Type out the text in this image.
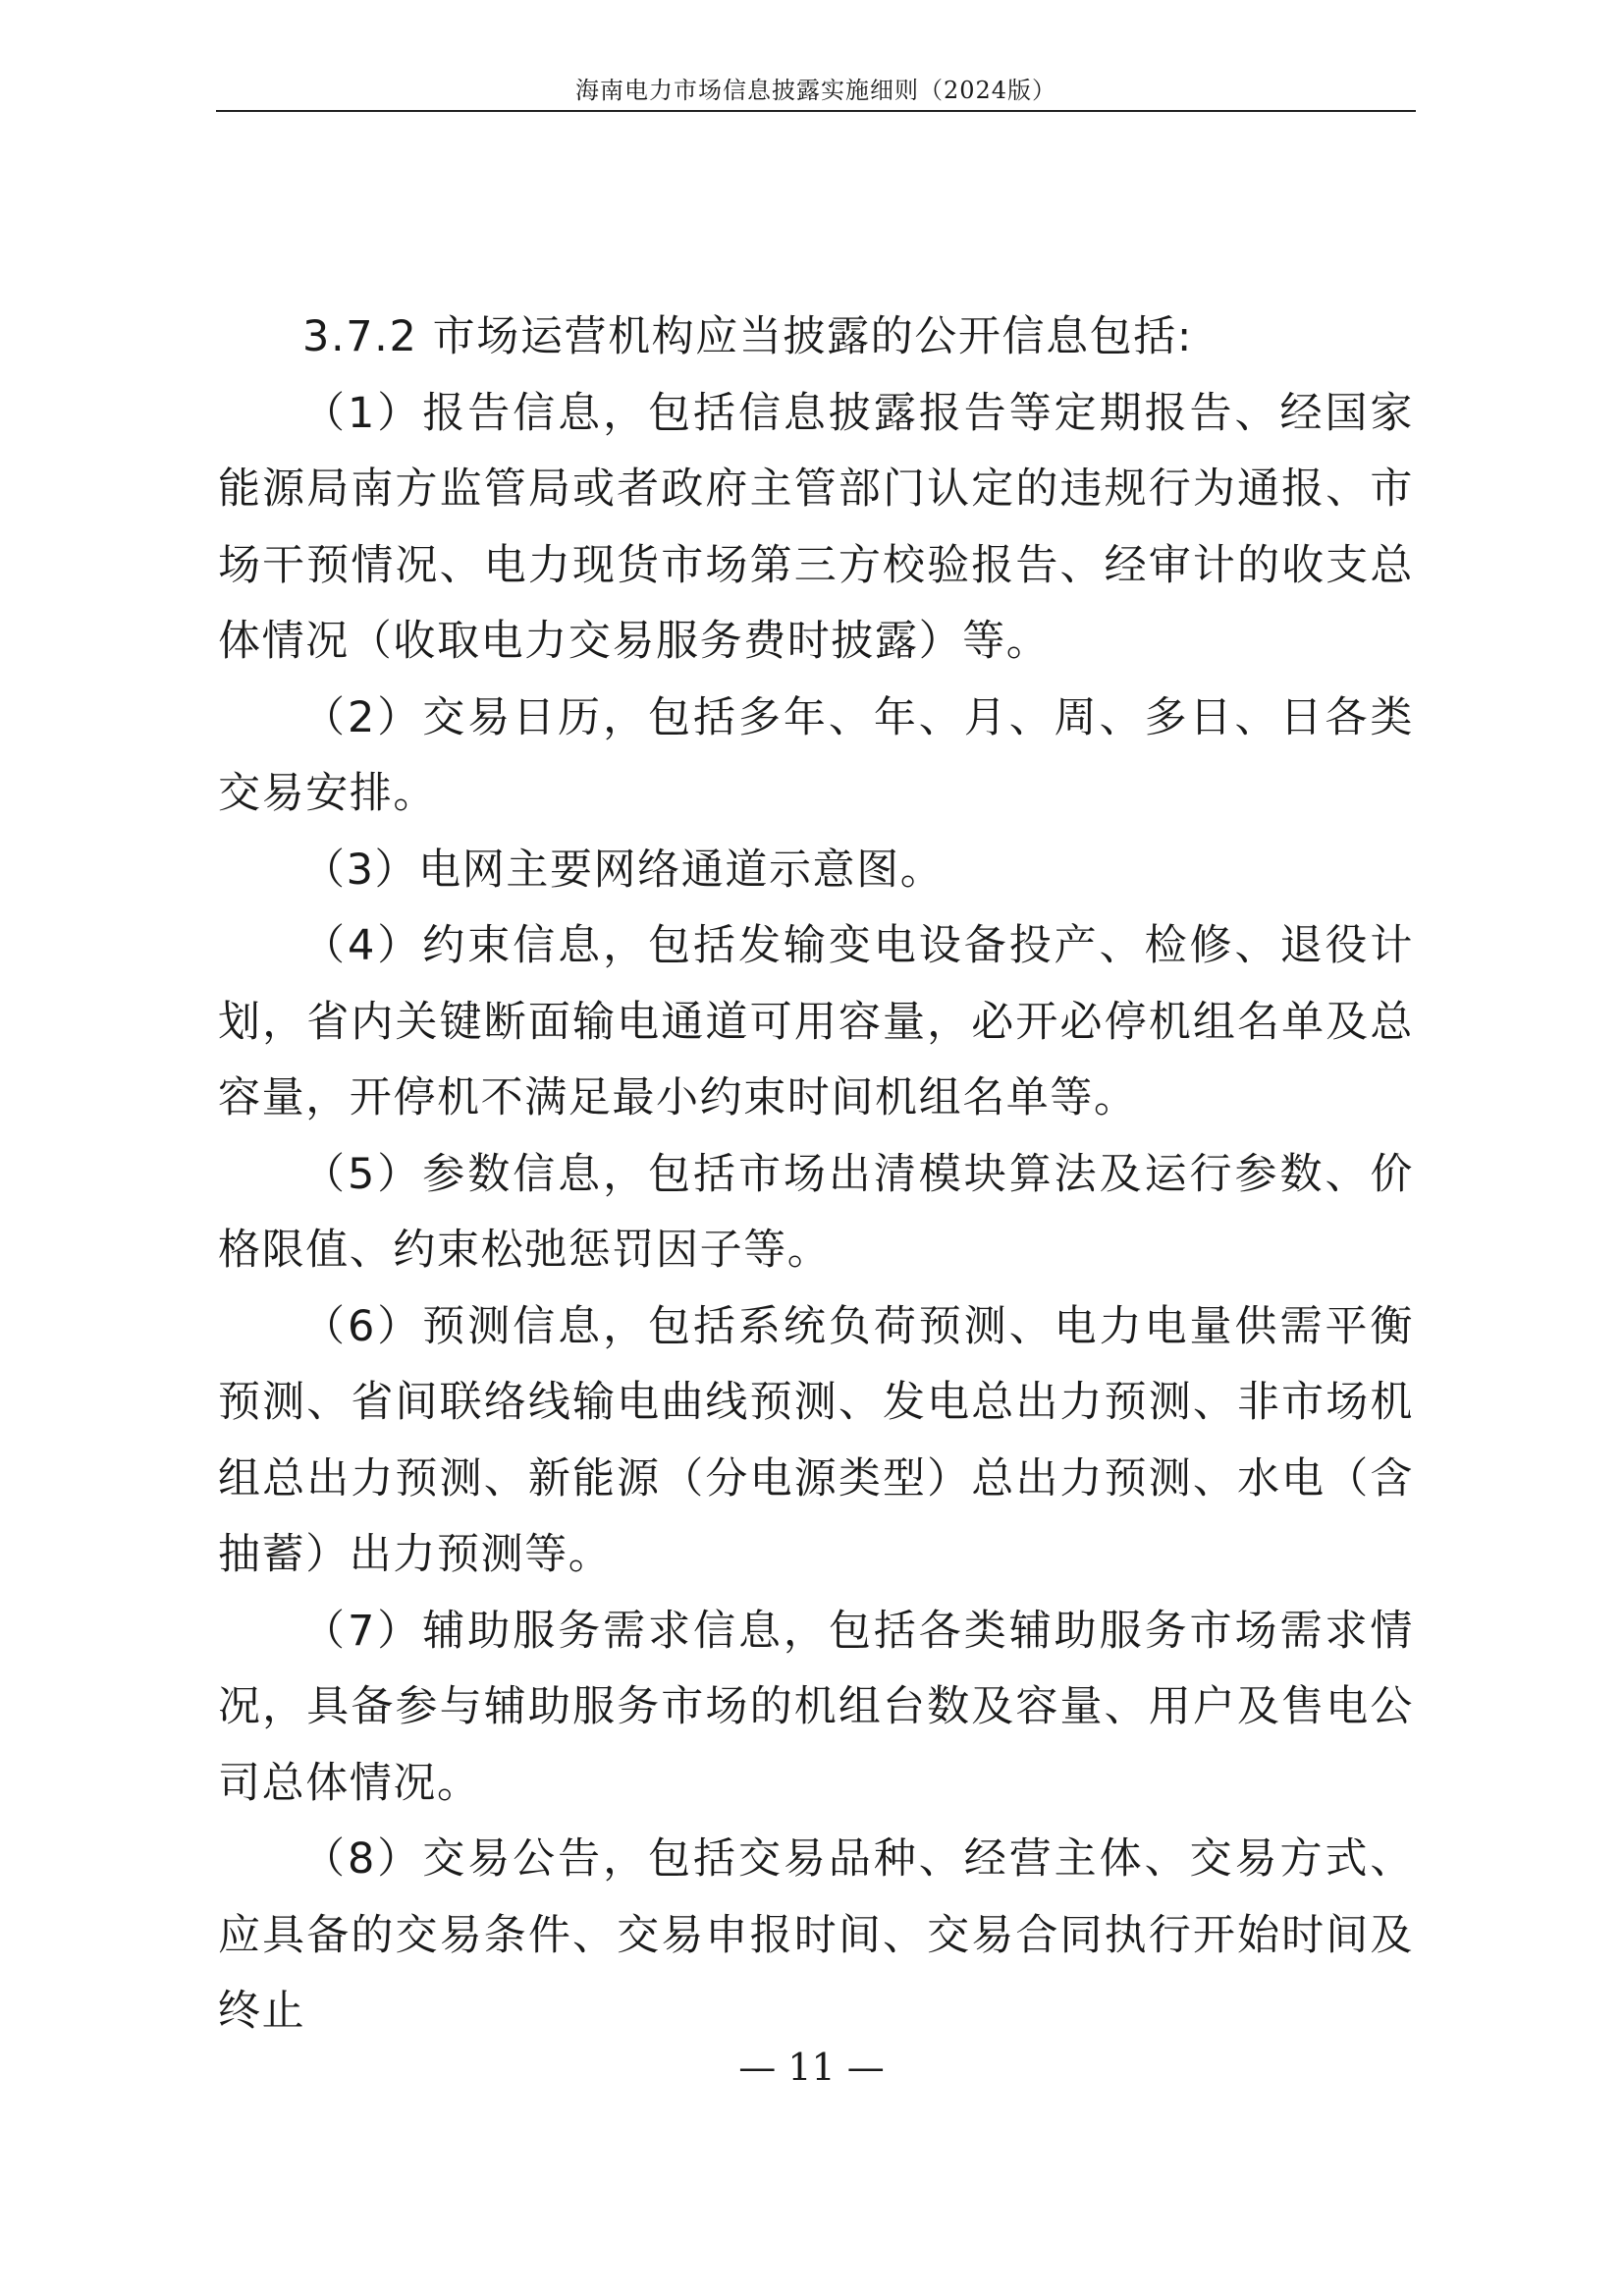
海南电力市场信息披露实施细则（2024版）

3.7.2 市场运营机构应当披露的公开信息包括:

（1）报告信息，包括信息披露报告等定期报告、经国家能源局南方监管局或者政府主管部门认定的违规行为通报、市场干预情况、电力现货市场第三方校验报告、经审计的收支总体情况（收取电力交易服务费时披露）等。

（2）交易日历，包括多年、年、月、周、多日、日各类交易安排。

（3）电网主要网络通道示意图。

（4）约束信息，包括发输变电设备投产、检修、退役计划，省内关键断面输电通道可用容量，必开必停机组名单及总容量，开停机不满足最小约束时间机组名单等。

（5）参数信息，包括市场出清模块算法及运行参数、价格限值、约束松弛惩罚因子等。

（6）预测信息，包括系统负荷预测、电力电量供需平衡预测、省间联络线输电曲线预测、发电总出力预测、非市场机组总出力预测、新能源（分电源类型）总出力预测、水电（含抽蓄）出力预测等。

（7）辅助服务需求信息，包括各类辅助服务市场需求情况，具备参与辅助服务市场的机组台数及容量、用户及售电公司总体情况。

（8）交易公告，包括交易品种、经营主体、交易方式、应具备的交易条件、交易申报时间、交易合同执行开始时间及终止

— 11 —
